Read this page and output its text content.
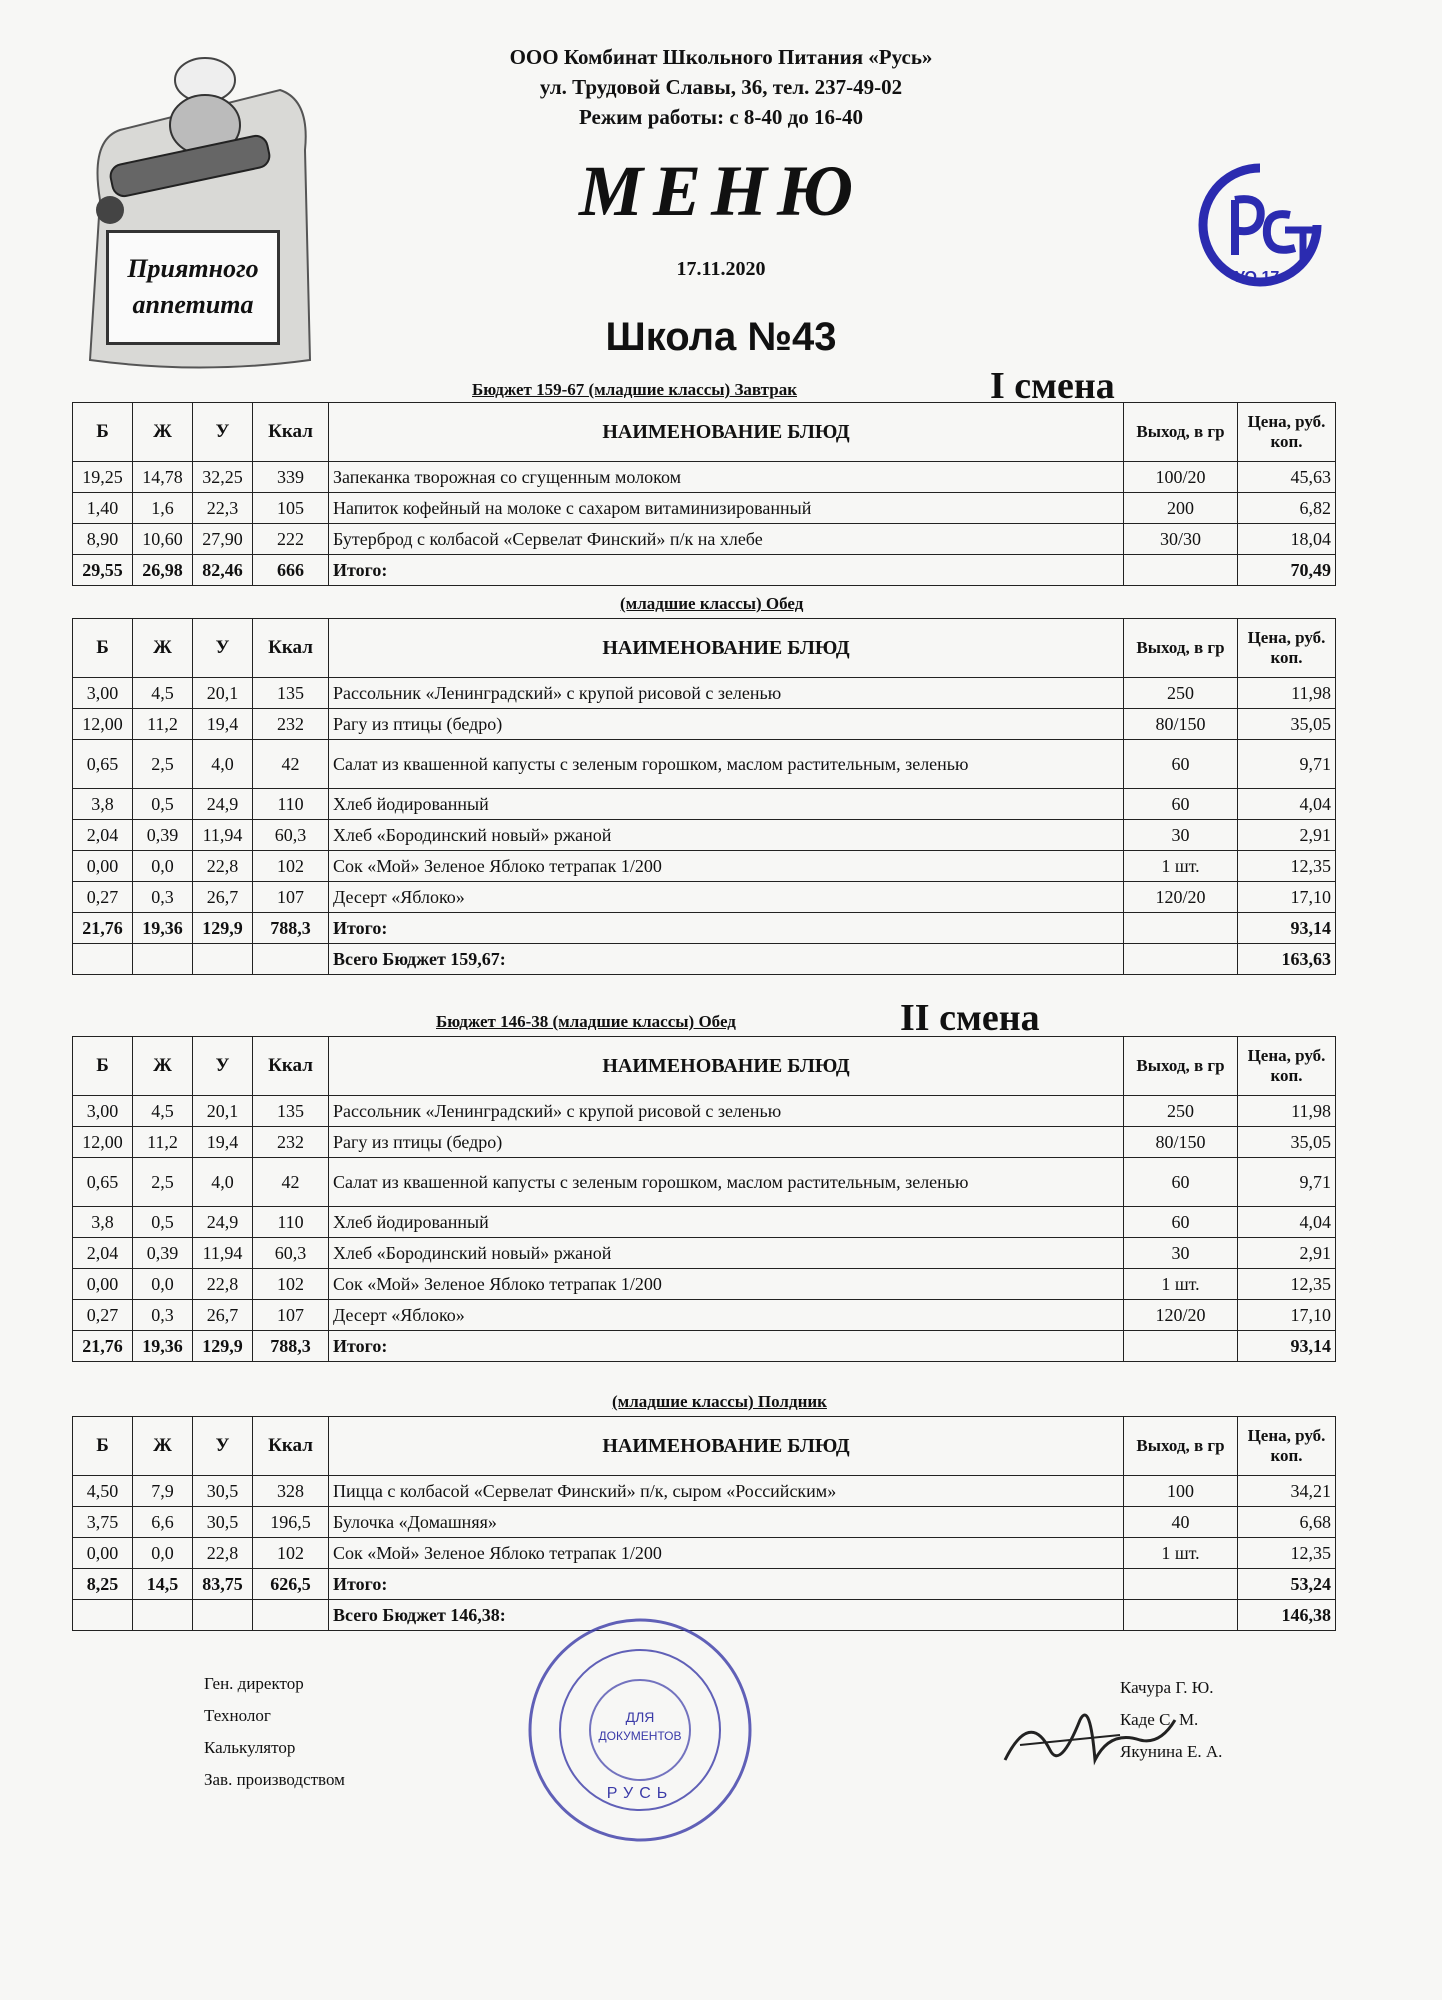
ООО Комбинат Школьного Питания «Русь»
ул. Трудовой Славы, 36, тел. 237-49-02
Режим работы: с 8-40 до 16-40
МЕНЮ
17.11.2020
Школа №43
Приятного
аппетита
УО 17
Бюджет 159-67 (младшие классы) Завтрак	I смена
Б	Ж	У	Ккал	НАИМЕНОВАНИЕ БЛЮД	Выход, в гр	Цена, руб. коп.
19,25	14,78	32,25	339	Запеканка творожная со сгущенным молоком	100/20	45,63
1,40	1,6	22,3	105	Напиток кофейный на молоке с сахаром витаминизированный	200	6,82
8,90	10,60	27,90	222	Бутерброд с колбасой «Сервелат Финский» п/к на хлебе	30/30	18,04
29,55	26,98	82,46	666	Итого:		70,49
(младшие классы) Обед
Б	Ж	У	Ккал	НАИМЕНОВАНИЕ БЛЮД	Выход, в гр	Цена, руб. коп.
3,00	4,5	20,1	135	Рассольник «Ленинградский» с крупой рисовой с зеленью	250	11,98
12,00	11,2	19,4	232	Рагу из птицы (бедро)	80/150	35,05
0,65	2,5	4,0	42	Салат из квашенной капусты с зеленым горошком, маслом растительным, зеленью	60	9,71
3,8	0,5	24,9	110	Хлеб йодированный	60	4,04
2,04	0,39	11,94	60,3	Хлеб «Бородинский новый» ржаной	30	2,91
0,00	0,0	22,8	102	Сок «Мой» Зеленое Яблоко тетрапак 1/200	1 шт.	12,35
0,27	0,3	26,7	107	Десерт «Яблоко»	120/20	17,10
21,76	19,36	129,9	788,3	Итого:		93,14
				Всего Бюджет 159,67:		163,63
Бюджет 146-38 (младшие классы) Обед	II смена
Б	Ж	У	Ккал	НАИМЕНОВАНИЕ БЛЮД	Выход, в гр	Цена, руб. коп.
3,00	4,5	20,1	135	Рассольник «Ленинградский» с крупой рисовой с зеленью	250	11,98
12,00	11,2	19,4	232	Рагу из птицы (бедро)	80/150	35,05
0,65	2,5	4,0	42	Салат из квашенной капусты с зеленым горошком, маслом растительным, зеленью	60	9,71
3,8	0,5	24,9	110	Хлеб йодированный	60	4,04
2,04	0,39	11,94	60,3	Хлеб «Бородинский новый» ржаной	30	2,91
0,00	0,0	22,8	102	Сок «Мой» Зеленое Яблоко тетрапак 1/200	1 шт.	12,35
0,27	0,3	26,7	107	Десерт «Яблоко»	120/20	17,10
21,76	19,36	129,9	788,3	Итого:		93,14
(младшие классы) Полдник
Б	Ж	У	Ккал	НАИМЕНОВАНИЕ БЛЮД	Выход, в гр	Цена, руб. коп.
4,50	7,9	30,5	328	Пицца с колбасой «Сервелат Финский» п/к, сыром «Российским»	100	34,21
3,75	6,6	30,5	196,5	Булочка «Домашняя»	40	6,68
0,00	0,0	22,8	102	Сок «Мой» Зеленое Яблоко тетрапак 1/200	1 шт.	12,35
8,25	14,5	83,75	626,5	Итого:		53,24
				Всего Бюджет 146,38:		146,38
Ген. директор
Технолог
Калькулятор
Зав. производством
Качура Г. Ю.
Каде С. М.
Якунина Е. А.
ДЛЯ
ДОКУМЕНТОВ
РУСЬ
